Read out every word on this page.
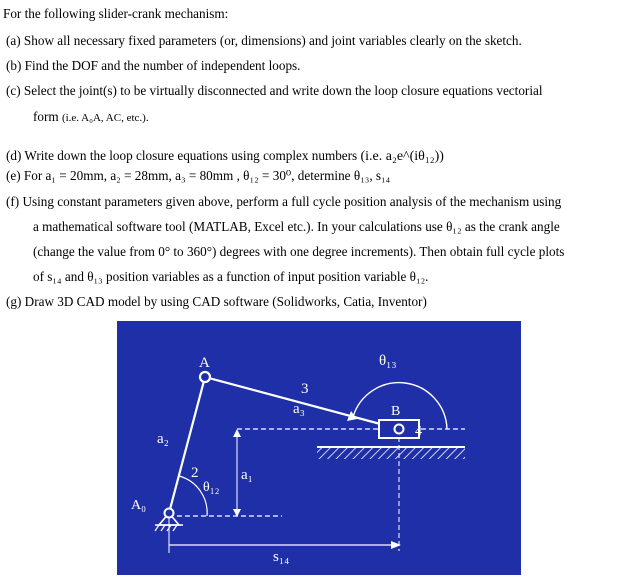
For the following slider-crank mechanism:
(a) Show all necessary fixed parameters (or, dimensions) and joint variables clearly on the sketch.
(b) Find the DOF and the number of independent loops.
(c) Select the joint(s) to be virtually disconnected and write down the loop closure equations vectorial
form (i.e. A₀A, AC, etc.).
(d) Write down the loop closure equations using complex numbers (i.e. a₂e^(iθ₁₂))
(e) For a₁ = 20mm, a₂ = 28mm, a₃ = 80mm , θ₁₂ = 30⁰, determine θ₁₃, s₁₄
(f) Using constant parameters given above, perform a full cycle position analysis of the mechanism using
a mathematical software tool (MATLAB, Excel etc.). In your calculations use θ₁₂ as the crank angle
(change the value from 0° to 360°) degrees with one degree increments). Then obtain full cycle plots
of s₁₄ and θ₁₃ position variables as a function of input position variable θ₁₂.
(g) Draw 3D CAD model by using CAD software (Solidworks, Catia, Inventor)
A
B
A₀
2
3
4
a₂
a₃
a₁
θ₁₂
θ₁₃
s₁₄
